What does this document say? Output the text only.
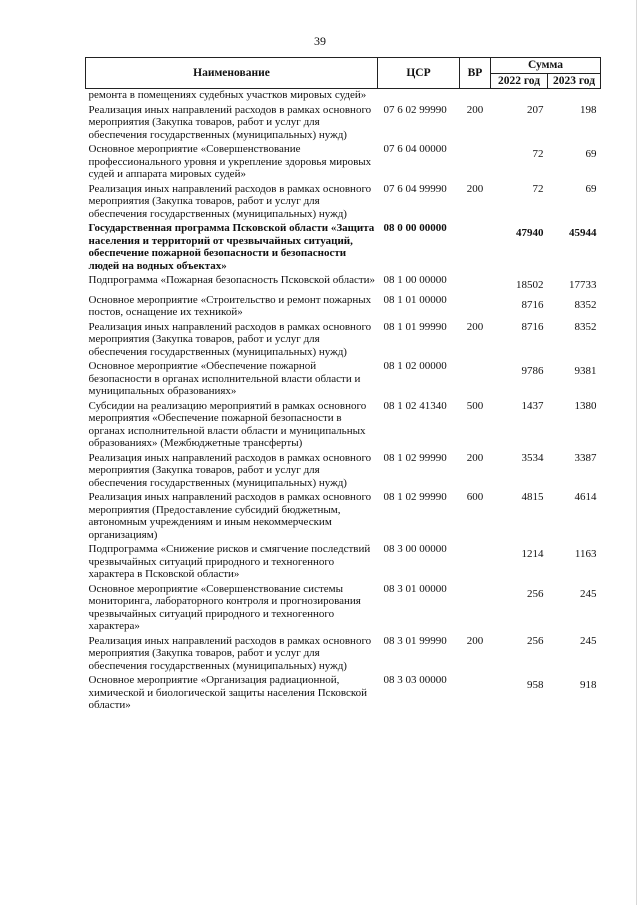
39
Наименование	ЦСР	ВР	Сумма	
			2022 год	2023 год
ремонта в помещениях судебных участков мировых судей»				
Реализация иных направлений расходов в рамках основного мероприятия (Закупка товаров, работ и услуг для обеспечения государственных (муниципальных) нужд)	07 6 02 99990	200	207	198
Основное мероприятие «Совершенствование профессионального уровня и укрепление здоровья мировых судей и аппарата мировых судей»	07 6 04 00000		72	69
Реализация иных направлений расходов в рамках основного мероприятия (Закупка товаров, работ и услуг для обеспечения государственных (муниципальных) нужд)	07 6 04 99990	200	72	69
Государственная программа Псковской области «Защита населения и территорий от чрезвычайных ситуаций, обеспечение пожарной безопасности и безопасности людей на водных объектах»	08 0 00 00000		47940	45944
Подпрограмма «Пожарная безопасность Псковской области»	08 1 00 00000		18502	17733
Основное мероприятие «Строительство и ремонт пожарных постов, оснащение их техникой»	08 1 01 00000		8716	8352
Реализация иных направлений расходов в рамках основного мероприятия (Закупка товаров, работ и услуг для обеспечения государственных (муниципальных) нужд)	08 1 01 99990	200	8716	8352
Основное мероприятие «Обеспечение пожарной безопасности в органах исполнительной власти области и муниципальных образованиях»	08 1 02 00000		9786	9381
Субсидии на реализацию мероприятий в рамках основного мероприятия «Обеспечение пожарной безопасности в органах исполнительной власти области и муниципальных образованиях» (Межбюджетные трансферты)	08 1 02 41340	500	1437	1380
Реализация иных направлений расходов в рамках основного мероприятия (Закупка товаров, работ и услуг для обеспечения государственных (муниципальных) нужд)	08 1 02 99990	200	3534	3387
Реализация иных направлений расходов в рамках основного мероприятия (Предоставление субсидий бюджетным, автономным учреждениям и иным некоммерческим организациям)	08 1 02 99990	600	4815	4614
Подпрограмма «Снижение рисков и смягчение последствий чрезвычайных ситуаций природного и техногенного характера в Псковской области»	08 3 00 00000		1214	1163
Основное мероприятие «Совершенствование системы мониторинга, лабораторного контроля и прогнозирования чрезвычайных ситуаций природного и техногенного характера»	08 3 01 00000		256	245
Реализация иных направлений расходов в рамках основного мероприятия (Закупка товаров, работ и услуг для обеспечения государственных (муниципальных) нужд)	08 3 01 99990	200	256	245
Основное мероприятие «Организация радиационной, химической и биологической защиты населения Псковской области»	08 3 03 00000		958	918
